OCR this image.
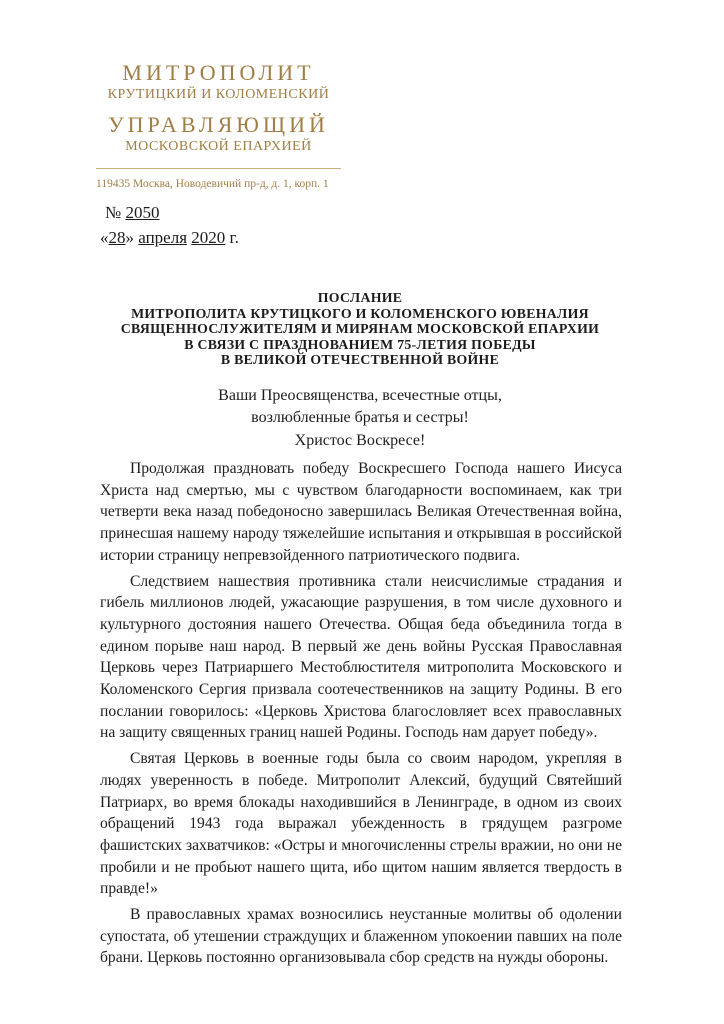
МИТРОПОЛИТ
КРУТИЦКИЙ И КОЛОМЕНСКИЙ
УПРАВЛЯЮЩИЙ
МОСКОВСКОЙ ЕПАРХИЕЙ
119435 Москва, Новодевичий пр-д, д. 1, корп. 1
№ 2050
«28» апреля 2020 г.
ПОСЛАНИЕ
МИТРОПОЛИТА КРУТИЦКОГО И КОЛОМЕНСКОГО ЮВЕНАЛИЯ
СВЯЩЕННОСЛУЖИТЕЛЯМ И МИРЯНАМ МОСКОВСКОЙ ЕПАРХИИ
В СВЯЗИ С ПРАЗДНОВАНИЕМ 75-ЛЕТИЯ ПОБЕДЫ
В ВЕЛИКОЙ ОТЕЧЕСТВЕННОЙ ВОЙНЕ
Ваши Преосвященства, всечестные отцы,
возлюбленные братья и сестры!
Христос Воскресе!

Продолжая праздновать победу Воскресшего Господа нашего Иисуса Христа над смертью, мы с чувством благодарности воспоминаем, как три четверти века назад победоносно завершилась Великая Отечественная война, принесшая нашему народу тяжелейшие испытания и открывшая в российской истории страницу непревзойденного патриотического подвига.

Следствием нашествия противника стали неисчислимые страдания и гибель миллионов людей, ужасающие разрушения, в том числе духовного и культурного достояния нашего Отечества. Общая беда объединила тогда в едином порыве наш народ. В первый же день войны Русская Православная Церковь через Патриаршего Местоблюстителя митрополита Московского и Коломенского Сергия призвала соотечественников на защиту Родины. В его послании говорилось: «Церковь Христова благословляет всех православных на защиту священных границ нашей Родины. Господь нам дарует победу».

Святая Церковь в военные годы была со своим народом, укрепляя в людях уверенность в победе. Митрополит Алексий, будущий Святейший Патриарх, во время блокады находившийся в Ленинграде, в одном из своих обращений 1943 года выражал убежденность в грядущем разгроме фашистских захватчиков: «Остры и многочисленны стрелы вражии, но они не пробили и не пробьют нашего щита, ибо щитом нашим является твердость в правде!»

В православных храмах возносились неустанные молитвы об одолении супостата, об утешении страждущих и блаженном упокоении павших на поле брани. Церковь постоянно организовывала сбор средств на нужды обороны.
